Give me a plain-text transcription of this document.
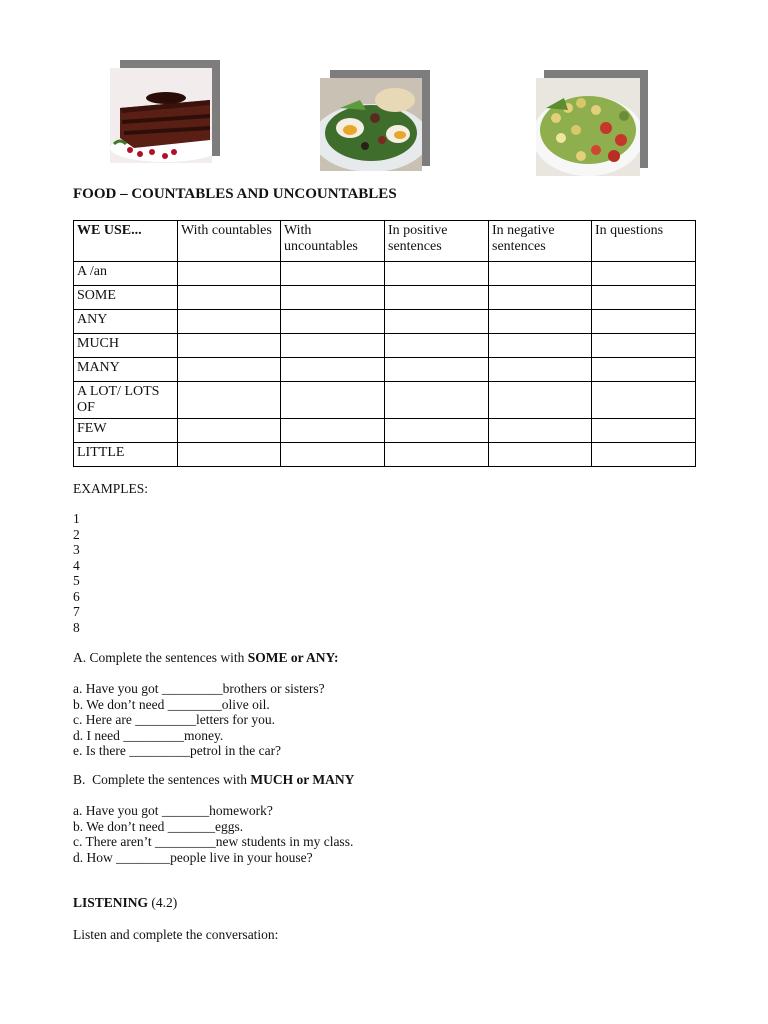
FOOD – COUNTABLES AND UNCOUNTABLES
WE USE...	With countables	With uncountables	In positive sentences	In negative sentences	In questions
A /an					
SOME					
ANY					
MUCH					
MANY					
A LOT/ LOTS OF					
FEW					
LITTLE					
EXAMPLES:
1
2
3
4
5
6
7
8
A. Complete the sentences with SOME or ANY:
a. Have you got _________brothers or sisters?
b. We don’t need ________olive oil.
c. Here are _________letters for you.
d. I need _________money.
e. Is there _________petrol in the car?
B.  Complete the sentences with MUCH or MANY
a. Have you got _______homework?
b. We don’t need _______eggs.
c. There aren’t _________new students in my class.
d. How ________people live in your house?
LISTENING (4.2)
Listen and complete the conversation:
